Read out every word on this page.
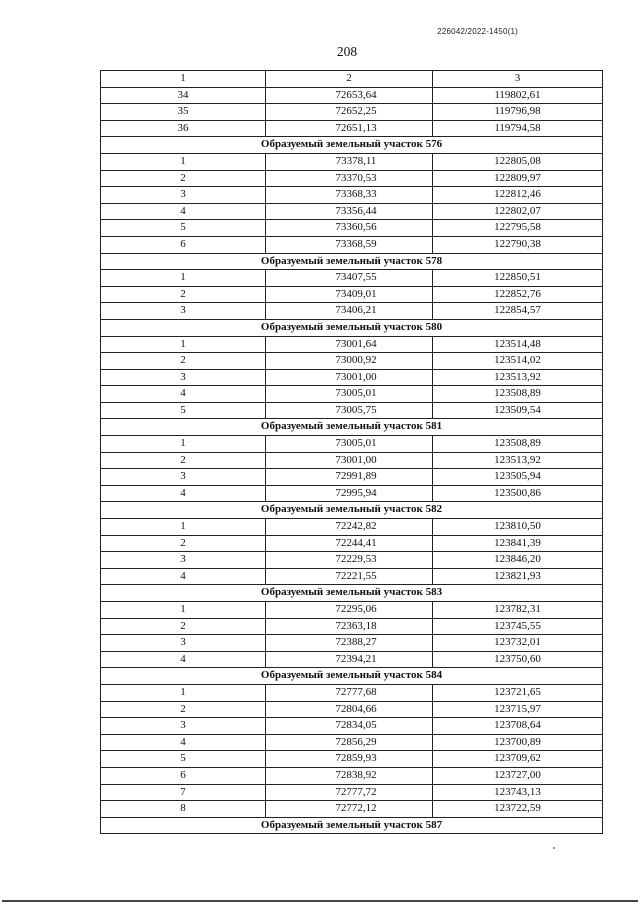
226042/2022-1450(1)
208
1	2	3
34	72653,64	119802,61
35	72652,25	119796,98
36	72651,13	119794,58
Образуемый земельный участок 576		
1	73378,11	122805,08
2	73370,53	122809,97
3	73368,33	122812,46
4	73356,44	122802,07
5	73360,56	122795,58
6	73368,59	122790,38
Образуемый земельный участок 578		
1	73407,55	122850,51
2	73409,01	122852,76
3	73406,21	122854,57
Образуемый земельный участок 580		
1	73001,64	123514,48
2	73000,92	123514,02
3	73001,00	123513,92
4	73005,01	123508,89
5	73005,75	123509,54
Образуемый земельный участок 581		
1	73005,01	123508,89
2	73001,00	123513,92
3	72991,89	123505,94
4	72995,94	123500,86
Образуемый земельный участок 582		
1	72242,82	123810,50
2	72244,41	123841,39
3	72229,53	123846,20
4	72221,55	123821,93
Образуемый земельный участок 583		
1	72295,06	123782,31
2	72363,18	123745,55
3	72388,27	123732,01
4	72394,21	123750,60
Образуемый земельный участок 584		
1	72777,68	123721,65
2	72804,66	123715,97
3	72834,05	123708,64
4	72856,29	123700,89
5	72859,93	123709,62
6	72838,92	123727,00
7	72777,72	123743,13
8	72772,12	123722,59
Образуемый земельный участок 587		
